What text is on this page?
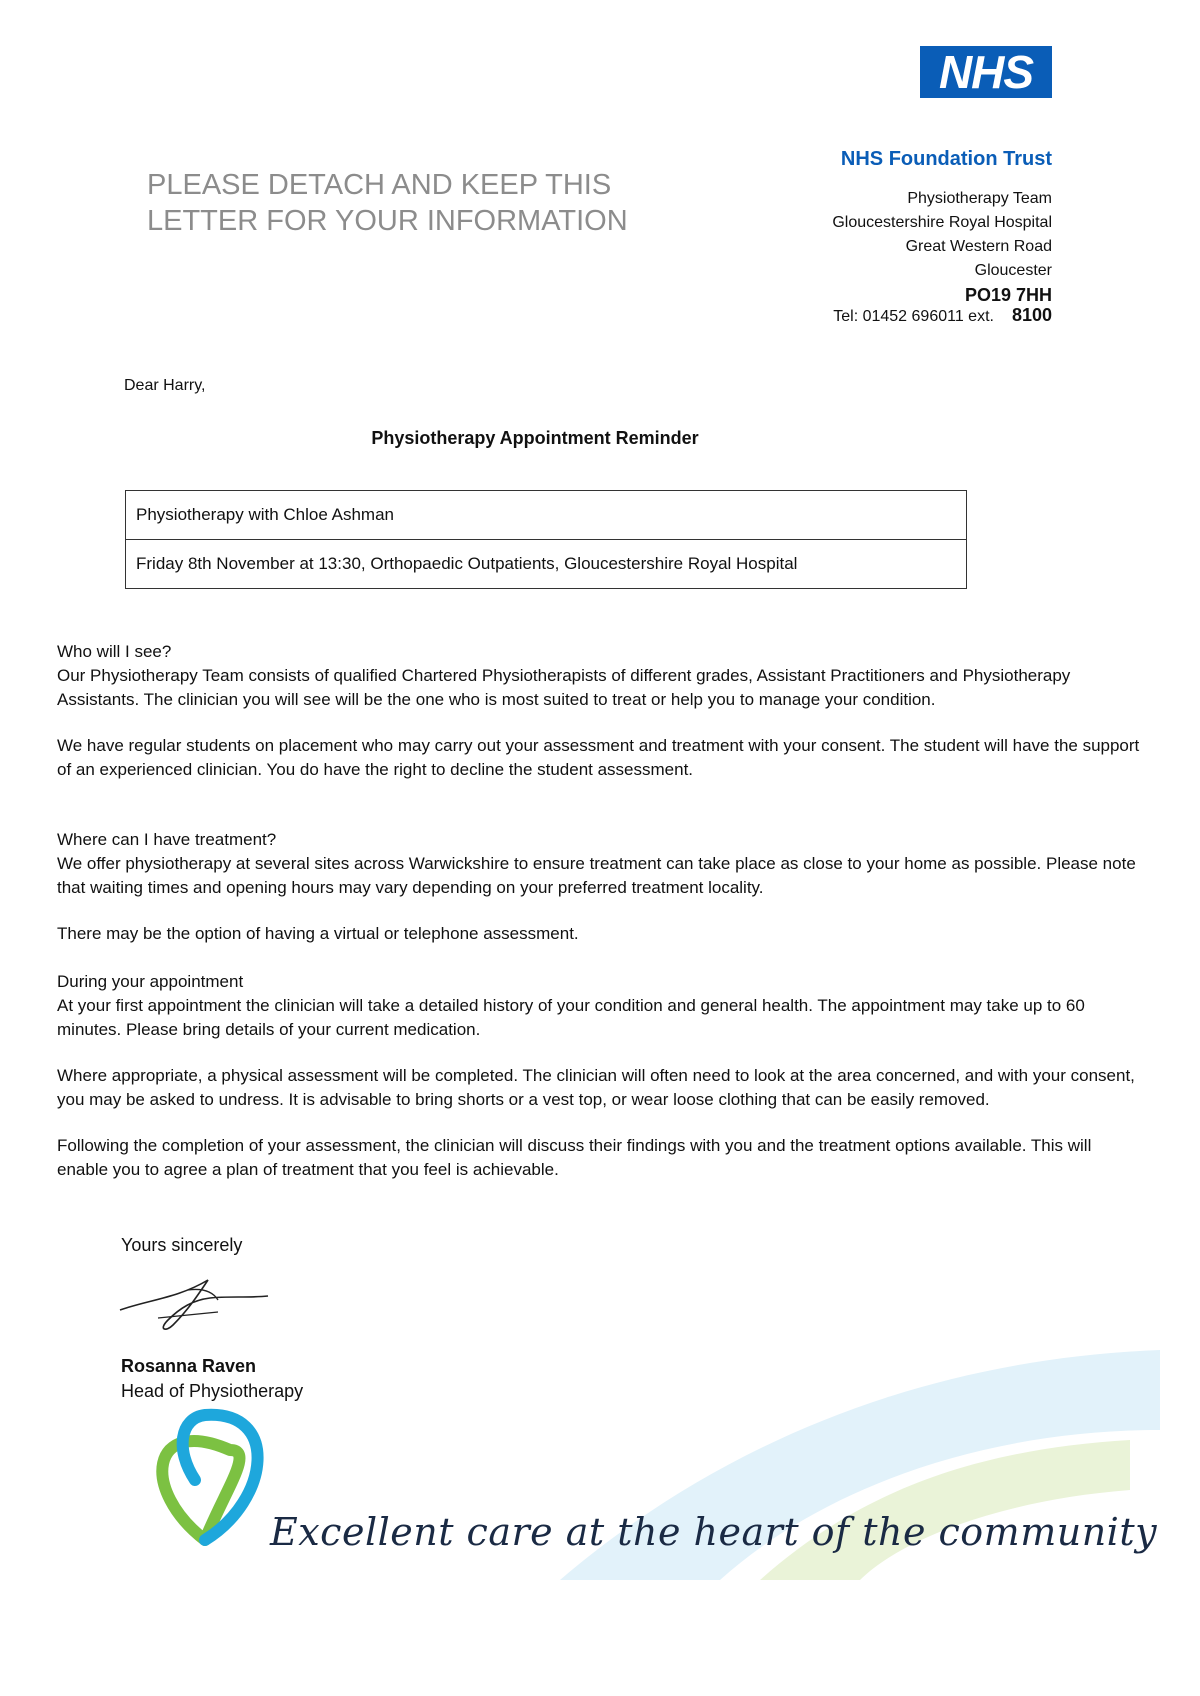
NHS
NHS Foundation Trust
Physiotherapy Team
Gloucestershire Royal Hospital
Great Western Road
Gloucester
PO19 7HH
Tel: 01452 696011 ext. 8100
PLEASE DETACH AND KEEP THIS LETTER FOR YOUR INFORMATION
Dear Harry,
Physiotherapy Appointment Reminder
Physiotherapy with Chloe Ashman
Friday 8th November at 13:30, Orthopaedic Outpatients, Gloucestershire Royal Hospital

Who will I see?

Our Physiotherapy Team consists of qualified Chartered Physiotherapists of different grades, Assistant Practitioners and Physiotherapy Assistants. The clinician you will see will be the one who is most suited to treat or help you to manage your condition.

We have regular students on placement who may carry out your assessment and treatment with your consent. The student will have the support of an experienced clinician. You do have the right to decline the student assessment.

Where can I have treatment?

We offer physiotherapy at several sites across Warwickshire to ensure treatment can take place as close to your home as possible. Please note that waiting times and opening hours may vary depending on your preferred treatment locality.

There may be the option of having a virtual or telephone assessment.

During your appointment

At your first appointment the clinician will take a detailed history of your condition and general health. The appointment may take up to 60 minutes. Please bring details of your current medication.

Where appropriate, a physical assessment will be completed. The clinician will often need to look at the area concerned, and with your consent, you may be asked to undress. It is advisable to bring shorts or a vest top, or wear loose clothing that can be easily removed.

Following the completion of your assessment, the clinician will discuss their findings with you and the treatment options available. This will enable you to agree a plan of treatment that you feel is achievable.

Yours sincerely
Rosanna Raven
Head of Physiotherapy
Excellent care at the heart of the community
